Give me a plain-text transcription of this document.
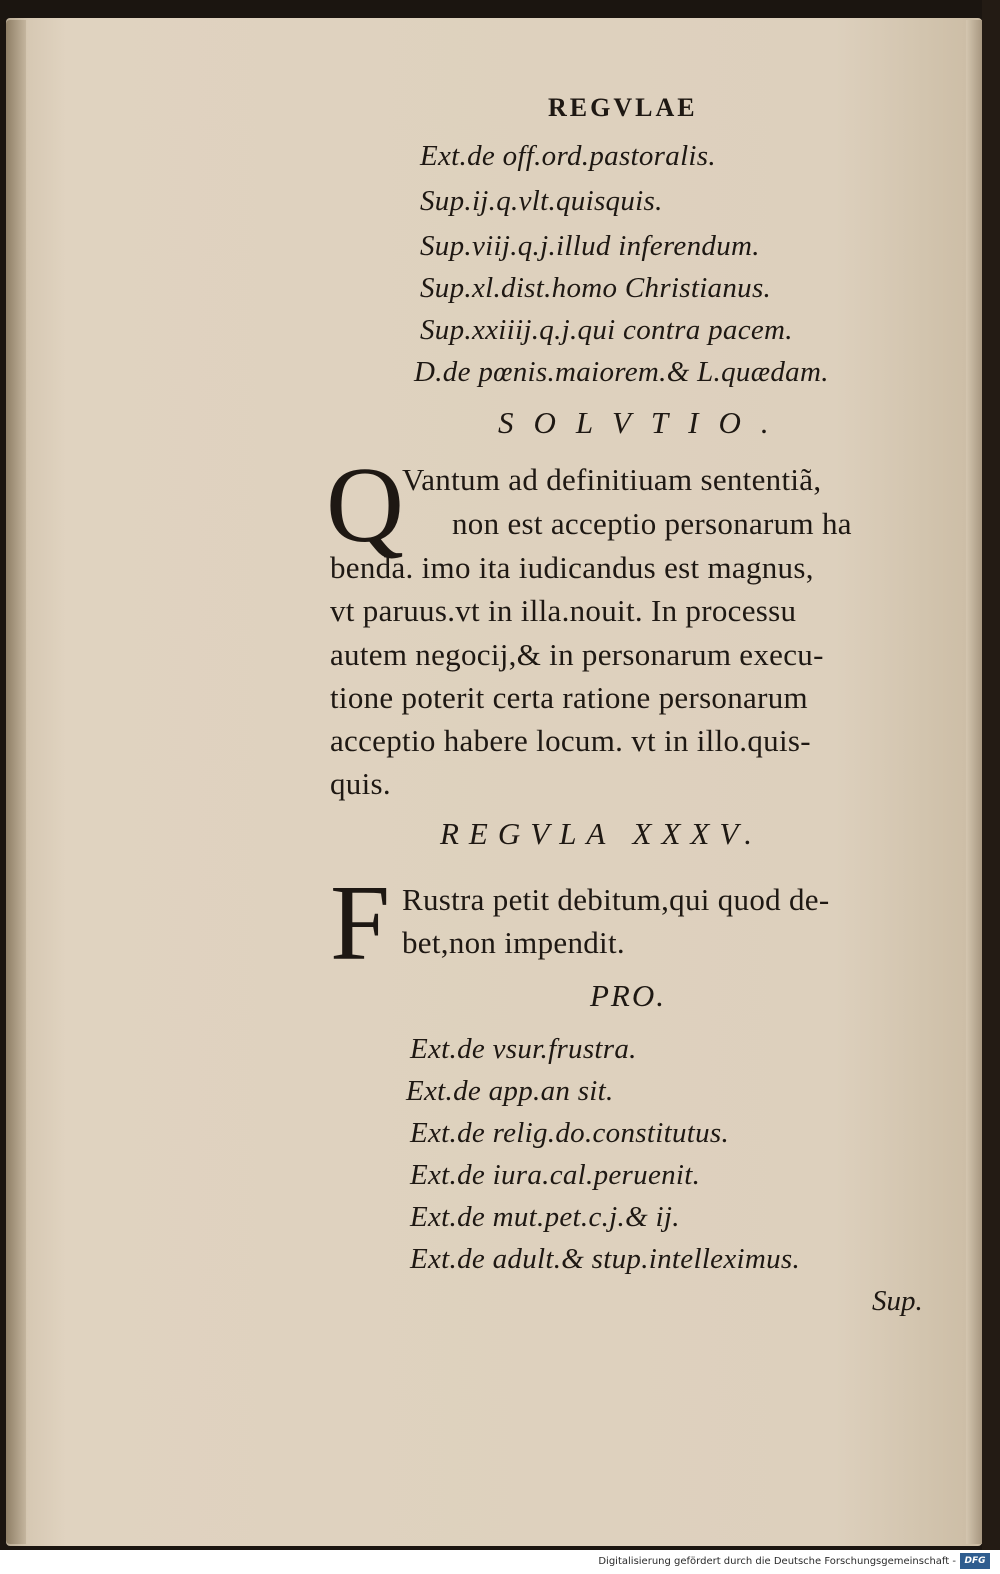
REGVLAE
Ext.de off.ord.pastoralis.
Sup.ij.q.vlt.quisquis.
Sup.viij.q.j.illud inferendum.
Sup.xl.dist.homo Christianus.
Sup.xxiiij.q.j.qui contra pacem.
D.de pœnis.maiorem.& L.quædam.
SOLVTIO.
Q
Vantum ad definitiuam sententiã,
non est acceptio personarum ha
benda. imo ita iudicandus est magnus,
vt paruus.vt in illa.nouit. In processu
autem negocij,& in personarum execu-
tione poterit certa ratione personarum
acceptio habere locum. vt in illo.quis-
quis.
REGVLA XXXV.
F Rustra petit debitum,qui quod de-
bet,non impendit.
PRO.
Ext.de vsur.frustra.
Ext.de app.an sit.
Ext.de relig.do.constitutus.
Ext.de iura.cal.peruenit.
Ext.de mut.pet.c.j.& ij.
Ext.de adult.& stup.intelleximus.
Sup.
Digitalisierung gefördert durch die Deutsche Forschungsgemeinschaft - DFG
